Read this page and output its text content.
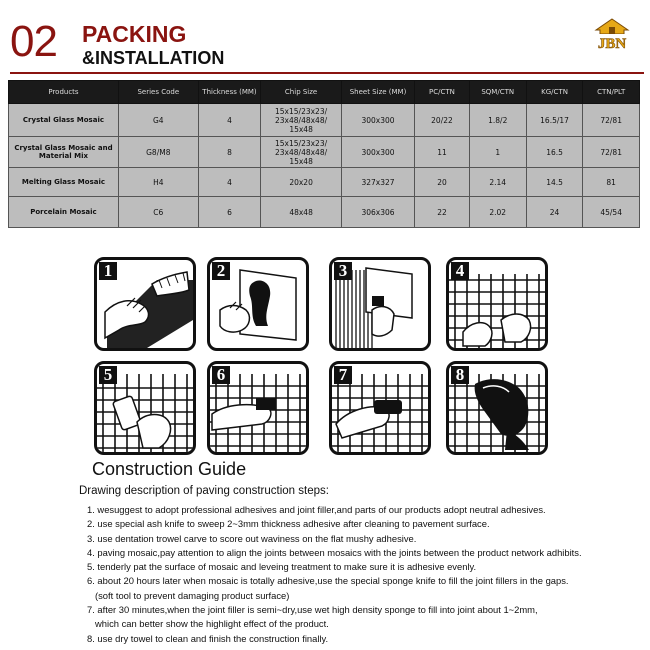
02 PACKING
&INSTALLATION
JBN
Products	Series Code	Thickness (MM)	Chip Size	Sheet Size (MM)	PC/CTN	SQM/CTN	KG/CTN	CTN/PLT
Crystal Glass Mosaic	G4	4	15x15/23x23/
23x48/48x48/
15x48	300x300	20/22	1.8/2	16.5/17	72/81
Crystal Glass Mosaic and Material Mix	G8/M8	8	15x15/23x23/
23x48/48x48/
15x48	300x300	11	1	16.5	72/81
Melting Glass Mosaic	H4	4	20x20	327x327	20	2.14	14.5	81
Porcelain Mosaic	C6	6	48x48	306x306	22	2.02	24	45/54
1	2	3	4
5	6	7	8
Construction Guide
Drawing description of paving construction steps:
1. wesuggest to adopt professional adhesives and joint filler,and parts of our products adopt neutral adhesives.
2. use special ash knife to sweep 2~3mm thickness adhesive after cleaning to pavement surface.
3. use dentation trowel carve to score out waviness on the flat mushy adhesive.
4. paving mosaic,pay attention to align the joints between mosaics with the joints between the product network adhibits.
5. tenderly pat the surface of mosaic and leveing treatment to make sure it is adhesive evenly.
6. about 20 hours later when mosaic is totally adhesive,use the special sponge knife to fill the joint fillers in the gaps.
(soft tool to prevent damaging product surface)
7. after 30 minutes,when the joint filler is semi~dry,use wet high density sponge to fill into joint about 1~2mm,
which can better show the highlight effect of the product.
8. use dry towel to clean and finish the construction finally.
